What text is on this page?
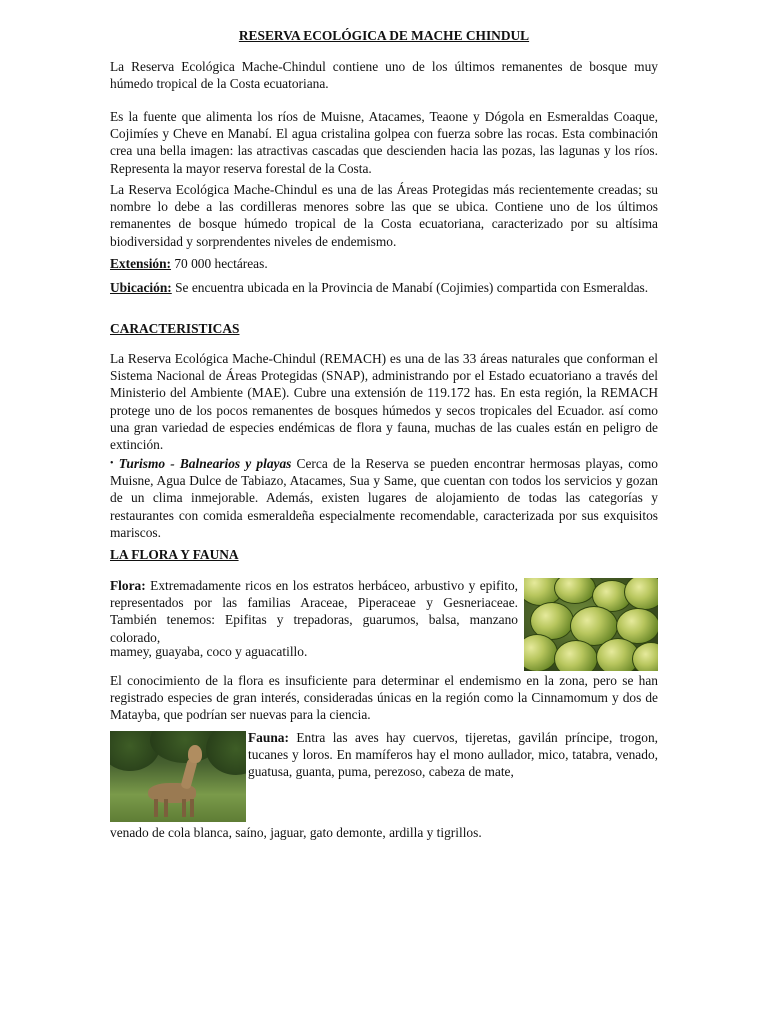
RESERVA ECOLÓGICA DE MACHE CHINDUL

La Reserva Ecológica Mache-Chindul contiene uno de los últimos remanentes de bosque muy húmedo tropical de la Costa ecuatoriana.

Es la fuente que alimenta los ríos de Muisne, Atacames, Teaone y Dógola en Esmeraldas Coaque, Cojimíes y Cheve en Manabí. El agua cristalina golpea con fuerza sobre las rocas. Esta combinación crea una bella imagen: las atractivas cascadas que descienden hacia las pozas, las lagunas y los ríos. Representa la mayor reserva forestal de la Costa.

La Reserva Ecológica Mache-Chindul es una de las Áreas Protegidas más recientemente creadas; su nombre lo debe a las cordilleras menores sobre las que se ubica. Contiene uno de los últimos remanentes de bosque húmedo tropical de la Costa ecuatoriana, caracterizado por su altísima biodiversidad y sorprendentes niveles de endemismo.

Extensión: 70 000 hectáreas.

Ubicación: Se encuentra ubicada en la Provincia de Manabí (Cojimies) compartida con Esmeraldas.

CARACTERISTICAS

La Reserva Ecológica Mache-Chindul (REMACH) es una de las 33 áreas naturales que conforman el Sistema Nacional de Áreas Protegidas (SNAP), administrando por el Estado ecuatoriano a través del Ministerio del Ambiente (MAE). Cubre una extensión de 119.172 has. En esta región, la REMACH protege uno de los pocos remanentes de bosques húmedos y secos tropicales del Ecuador. así como una gran variedad de especies endémicas de flora y fauna, muchas de las cuales están en peligro de extinción.

• Turismo - Balnearios y playas Cerca de la Reserva se pueden encontrar hermosas playas, como Muisne, Agua Dulce de Tabiazo, Atacames, Sua y Same, que cuentan con todos los servicios y gozan de un clima inmejorable. Además, existen lugares de alojamiento de todas las categorías y restaurantes con comida esmeraldeña especialmente recomendable, caracterizada por sus exquisitos mariscos.

LA FLORA Y FAUNA

Flora: Extremadamente ricos en los estratos herbáceo, arbustivo y epifito, representados por las familias Araceae, Piperaceae y Gesneriaceae. También tenemos: Epifitas y trepadoras, guarumos, balsa, manzano colorado,

mamey, guayaba, coco y aguacatillo.

El conocimiento de la flora es insuficiente para determinar el endemismo en la zona, pero se han registrado especies de gran interés, consideradas únicas en la región como la Cinnamomum y dos de Matayba, que podrían ser nuevas para la ciencia.

Fauna: Entra las aves hay cuervos, tijeretas, gavilán príncipe, trogon, tucanes y loros. En mamíferos hay el mono aullador, mico, tatabra, venado, guatusa, guanta, puma, perezoso, cabeza de mate,

venado de cola blanca, saíno, jaguar, gato demonte, ardilla y tigrillos.
